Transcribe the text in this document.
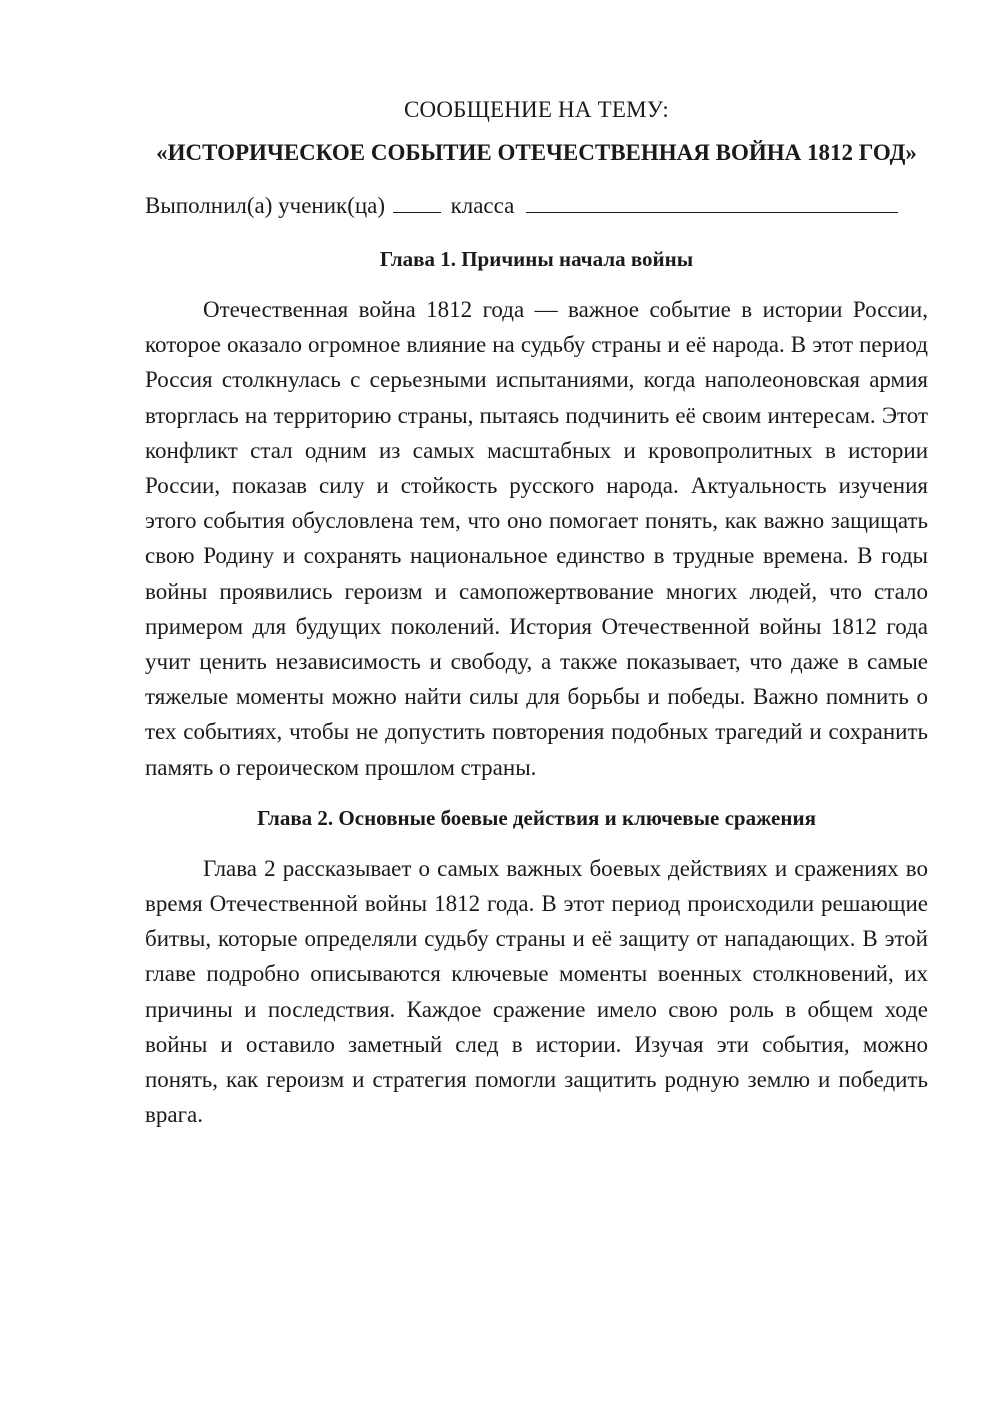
СООБЩЕНИЕ НА ТЕМУ:

«ИСТОРИЧЕСКОЕ СОБЫТИЕ ОТЕЧЕСТВЕННАЯ ВОЙНА 1812 ГОД»

Выполнил(а) ученик(ца)	класса

Глава 1. Причины начала войны

Отечественная война 1812 года — важное событие в истории России, которое оказало огромное влияние на судьбу страны и её народа. В этот период Россия столкнулась с серьезными испытаниями, когда наполеоновская армия вторглась на территорию страны, пытаясь подчинить её своим интересам. Этот конфликт стал одним из самых масштабных и кровопролитных в истории России, показав силу и стойкость русского народа. Актуальность изучения этого события обусловлена тем, что оно помогает понять, как важно защищать свою Родину и сохранять национальное единство в трудные времена. В годы войны проявились героизм и самопожертвование многих людей, что стало примером для будущих поколений. История Отечественной войны 1812 года учит ценить независимость и свободу, а также показывает, что даже в самые тяжелые моменты можно найти силы для борьбы и победы. Важно помнить о тех событиях, чтобы не допустить повторения подобных трагедий и сохранить память о героическом прошлом страны.

Глава 2. Основные боевые действия и ключевые сражения

Глава 2 рассказывает о самых важных боевых действиях и сражениях во время Отечественной войны 1812 года. В этот период происходили решающие битвы, которые определяли судьбу страны и её защиту от нападающих. В этой главе подробно описываются ключевые моменты военных столкновений, их причины и последствия. Каждое сражение имело свою роль в общем ходе войны и оставило заметный след в истории. Изучая эти события, можно понять, как героизм и стратегия помогли защитить родную землю и победить врага.
